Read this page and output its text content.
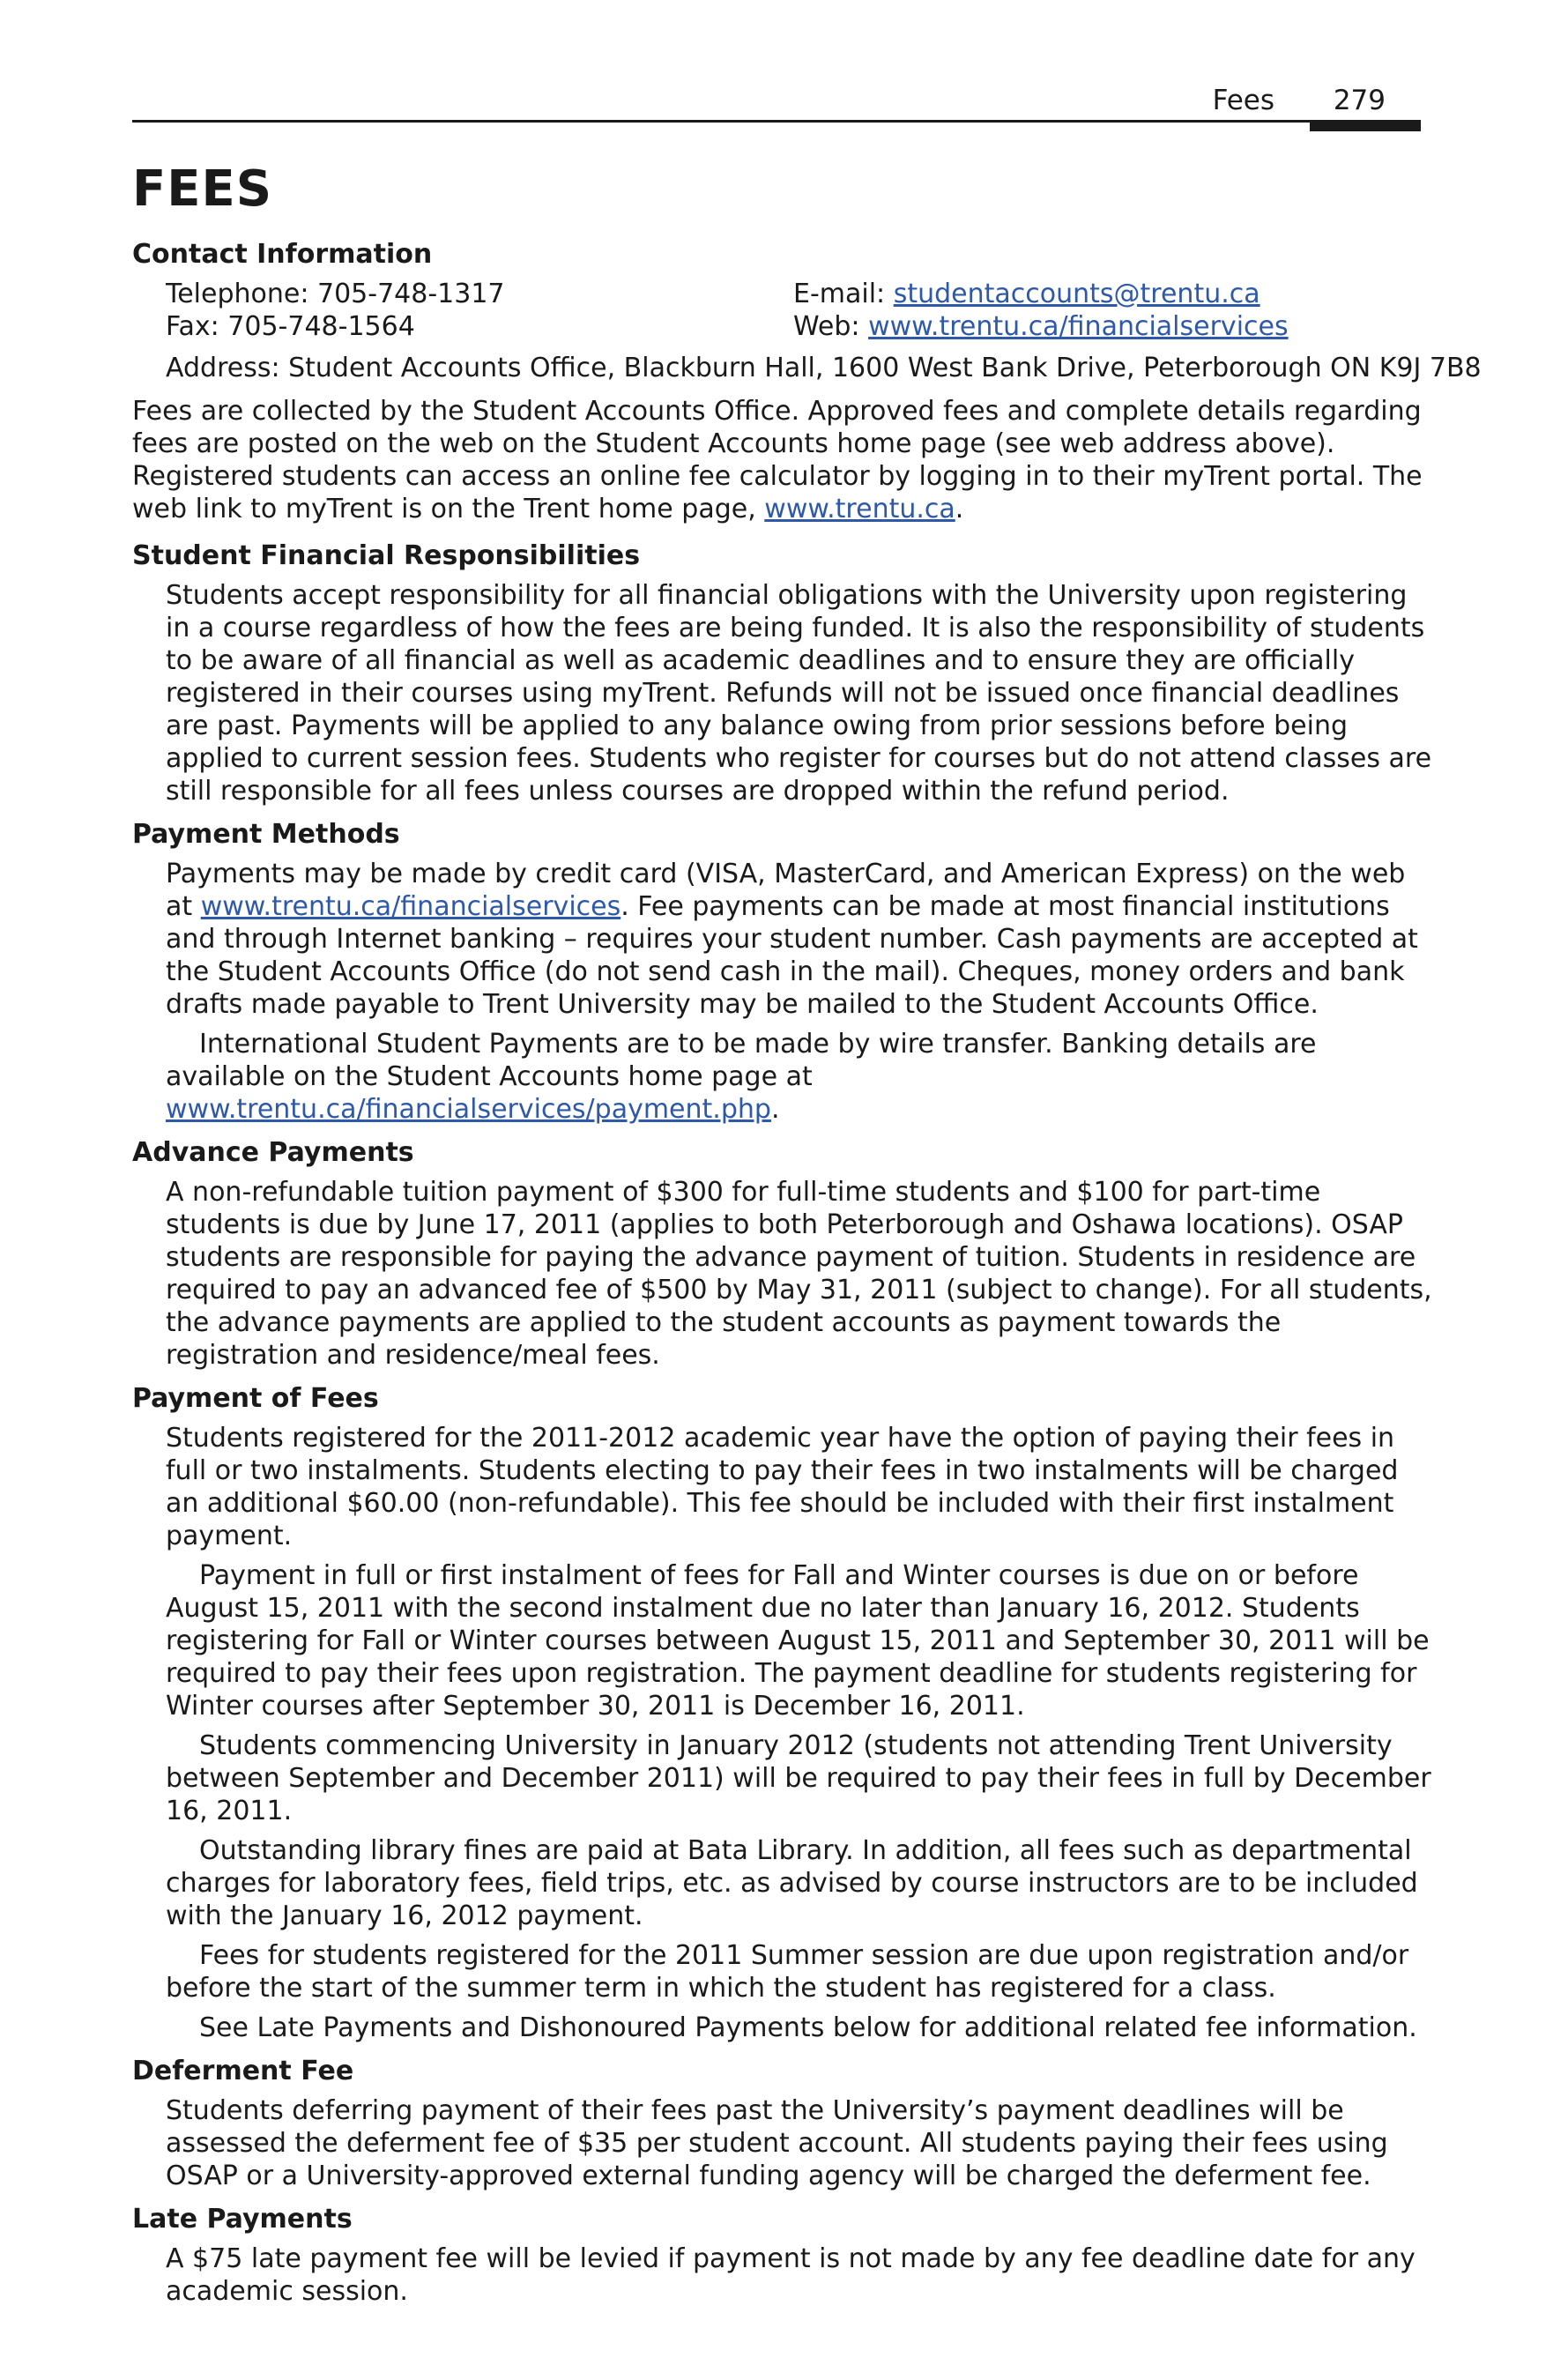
Fees 279
FEES
Contact Information
Telephone: 705-748-1317	E-mail: studentaccounts@trentu.ca
Fax: 705-748-1564	Web: www.trentu.ca/financialservices
Address: Student Accounts Office, Blackburn Hall, 1600 West Bank Drive, Peterborough ON K9J 7B8

Fees are collected by the Student Accounts Office. Approved fees and complete details regarding fees are posted on the web on the Student Accounts home page (see web address above). Registered students can access an online fee calculator by logging in to their myTrent portal. The web link to myTrent is on the Trent home page, www.trentu.ca.

Student Financial Responsibilities

Students accept responsibility for all financial obligations with the University upon registering in a course regardless of how the fees are being funded. It is also the responsibility of students to be aware of all financial as well as academic deadlines and to ensure they are officially registered in their courses using myTrent. Refunds will not be issued once financial deadlines are past. Payments will be applied to any balance owing from prior sessions before being applied to current session fees. Students who register for courses but do not attend classes are still responsible for all fees unless courses are dropped within the refund period.

Payment Methods

Payments may be made by credit card (VISA, MasterCard, and American Express) on the web at www.trentu.ca/financialservices. Fee payments can be made at most financial institutions and through Internet banking – requires your student number. Cash payments are accepted at the Student Accounts Office (do not send cash in the mail). Cheques, money orders and bank drafts made payable to Trent University may be mailed to the Student Accounts Office.

International Student Payments are to be made by wire transfer. Banking details are available on the Student Accounts home page at www.trentu.ca/financialservices/payment.php.

Advance Payments

A non-refundable tuition payment of $300 for full-time students and $100 for part-time students is due by June 17, 2011 (applies to both Peterborough and Oshawa locations). OSAP students are responsible for paying the advance payment of tuition. Students in residence are required to pay an advanced fee of $500 by May 31, 2011 (subject to change). For all students, the advance payments are applied to the student accounts as payment towards the registration and residence/meal fees.

Payment of Fees

Students registered for the 2011-2012 academic year have the option of paying their fees in full or two instalments. Students electing to pay their fees in two instalments will be charged an additional $60.00 (non-refundable). This fee should be included with their first instalment payment.

Payment in full or first instalment of fees for Fall and Winter courses is due on or before August 15, 2011 with the second instalment due no later than January 16, 2012. Students registering for Fall or Winter courses between August 15, 2011 and September 30, 2011 will be required to pay their fees upon registration. The payment deadline for students registering for Winter courses after September 30, 2011 is December 16, 2011.

Students commencing University in January 2012 (students not attending Trent University between September and December 2011) will be required to pay their fees in full by December 16, 2011.

Outstanding library fines are paid at Bata Library. In addition, all fees such as departmental charges for laboratory fees, field trips, etc. as advised by course instructors are to be included with the January 16, 2012 payment.

Fees for students registered for the 2011 Summer session are due upon registration and/or before the start of the summer term in which the student has registered for a class.

See Late Payments and Dishonoured Payments below for additional related fee information.

Deferment Fee

Students deferring payment of their fees past the University’s payment deadlines will be assessed the deferment fee of $35 per student account. All students paying their fees using OSAP or a University-approved external funding agency will be charged the deferment fee.

Late Payments

A $75 late payment fee will be levied if payment is not made by any fee deadline date for any academic session.
